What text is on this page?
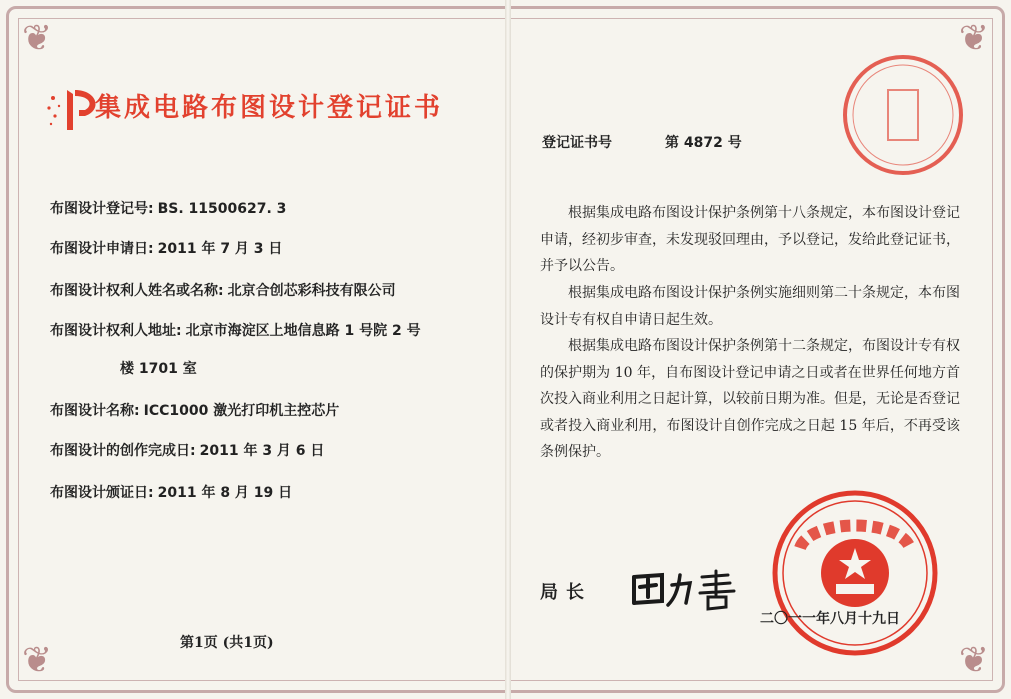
❦	❦
❦	❦
集成电路布图设计登记证书
布图设计登记号: BS. 11500627. 3
布图设计申请日: 2011 年 7 月 3 日
布图设计权利人姓名或名称: 北京合创芯彩科技有限公司
布图设计权利人地址: 北京市海淀区上地信息路 1 号院 2 号
楼 1701 室
布图设计名称: ICC1000 激光打印机主控芯片
布图设计的创作完成日: 2011 年 3 月 6 日
布图设计颁证日: 2011 年 8 月 19 日
第1页 (共1页)
登记证书号	第 4872 号
根据集成电路布图设计保护条例第十八条规定，本布图设计登记申请，经初步审查，未发现驳回理由，予以登记，发给此登记证书，并予以公告。
根据集成电路布图设计保护条例实施细则第二十条规定，本布图设计专有权自申请日起生效。
根据集成电路布图设计保护条例第十二条规定，布图设计专有权的保护期为 10 年，自布图设计登记申请之日或者在世界任何地方首次投入商业利用之日起计算，以较前日期为准。但是，无论是否登记或者投入商业利用，布图设计自创作完成之日起 15 年后，不再受该条例保护。
局长
二〇一一年八月十九日
